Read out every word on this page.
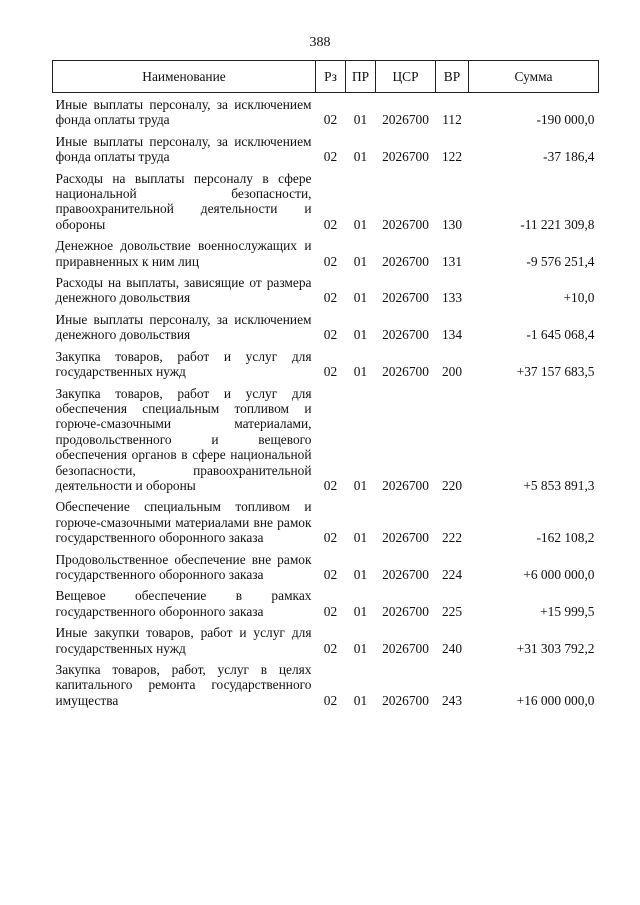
388
Наименование	Рз	ПР	ЦСР	ВР	Сумма
Иные выплаты персоналу, за исключением фонда оплаты труда	02	01	2026700	112	-190 000,0
Иные выплаты персоналу, за исключением фонда оплаты труда	02	01	2026700	122	-37 186,4
Расходы на выплаты персоналу в сфере национальной безопасности, правоохранительной деятельности и обороны	02	01	2026700	130	-11 221 309,8
Денежное довольствие военнослужащих и приравненных к ним лиц	02	01	2026700	131	-9 576 251,4
Расходы на выплаты, зависящие от размера денежного довольствия	02	01	2026700	133	+10,0
Иные выплаты персоналу, за исключением денежного довольствия	02	01	2026700	134	-1 645 068,4
Закупка товаров, работ и услуг для государственных нужд	02	01	2026700	200	+37 157 683,5
Закупка товаров, работ и услуг для обеспечения специальным топливом и горюче-смазочными материалами, продовольственного и вещевого обеспечения органов в сфере национальной безопасности, правоохранительной деятельности и обороны	02	01	2026700	220	+5 853 891,3
Обеспечение специальным топливом и горюче-смазочными материалами вне рамок государственного оборонного заказа	02	01	2026700	222	-162 108,2
Продовольственное обеспечение вне рамок государственного оборонного заказа	02	01	2026700	224	+6 000 000,0
Вещевое обеспечение в рамках государственного оборонного заказа	02	01	2026700	225	+15 999,5
Иные закупки товаров, работ и услуг для государственных нужд	02	01	2026700	240	+31 303 792,2
Закупка товаров, работ, услуг в целях капитального ремонта государственного имущества	02	01	2026700	243	+16 000 000,0
